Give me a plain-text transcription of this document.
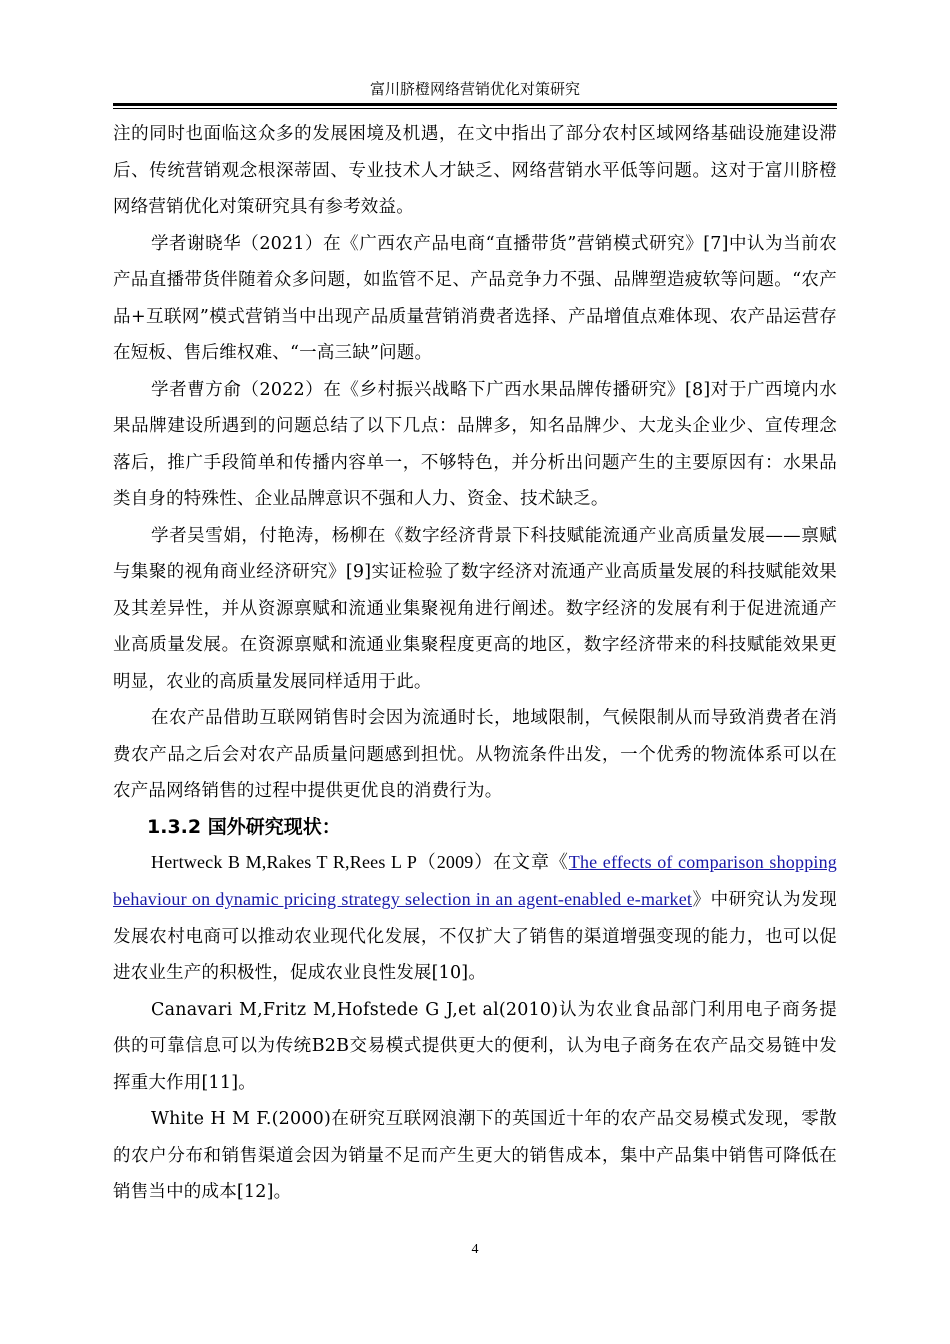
富川脐橙网络营销优化对策研究

注的同时也面临这众多的发展困境及机遇，在文中指出了部分农村区域网络基础设施建设滞后、传统营销观念根深蒂固、专业技术人才缺乏、网络营销水平低等问题。这对于富川脐橙网络营销优化对策研究具有参考效益。

学者谢晓华（2021）在《广西农产品电商“直播带货”营销模式研究》[7]中认为当前农产品直播带货伴随着众多问题，如监管不足、产品竞争力不强、品牌塑造疲软等问题。“农产品+互联网”模式营销当中出现产品质量营销消费者选择、产品增值点难体现、农产品运营存在短板、售后维权难、“一高三缺”问题。

学者曹方俞（2022）在《乡村振兴战略下广西水果品牌传播研究》[8]对于广西境内水果品牌建设所遇到的问题总结了以下几点：品牌多，知名品牌少、大龙头企业少、宣传理念落后，推广手段简单和传播内容单一，不够特色，并分析出问题产生的主要原因有：水果品类自身的特殊性、企业品牌意识不强和人力、资金、技术缺乏。

学者吴雪娟，付艳涛，杨柳在《数字经济背景下科技赋能流通产业高质量发展——禀赋与集聚的视角商业经济研究》[9]实证检验了数字经济对流通产业高质量发展的科技赋能效果及其差异性，并从资源禀赋和流通业集聚视角进行阐述。数字经济的发展有利于促进流通产业高质量发展。在资源禀赋和流通业集聚程度更高的地区，数字经济带来的科技赋能效果更明显，农业的高质量发展同样适用于此。

在农产品借助互联网销售时会因为流通时长，地域限制，气候限制从而导致消费者在消费农产品之后会对农产品质量问题感到担忧。从物流条件出发，一个优秀的物流体系可以在农产品网络销售的过程中提供更优良的消费行为。

1.3.2 国外研究现状：

Hertweck B M,Rakes T R,Rees L P（2009）在文章《The effects of comparison shopping behaviour on dynamic pricing strategy selection in an agent-enabled e-market》中研究认为发现发展农村电商可以推动农业现代化发展，不仅扩大了销售的渠道增强变现的能力，也可以促进农业生产的积极性，促成农业良性发展[10]。

Canavari M,Fritz M,Hofstede G J,et al(2010)认为农业食品部门利用电子商务提供的可靠信息可以为传统B2B交易模式提供更大的便利，认为电子商务在农产品交易链中发挥重大作用[11]。

White H M F.(2000)在研究互联网浪潮下的英国近十年的农产品交易模式发现，零散的农户分布和销售渠道会因为销量不足而产生更大的销售成本，集中产品集中销售可降低在销售当中的成本[12]。

4
